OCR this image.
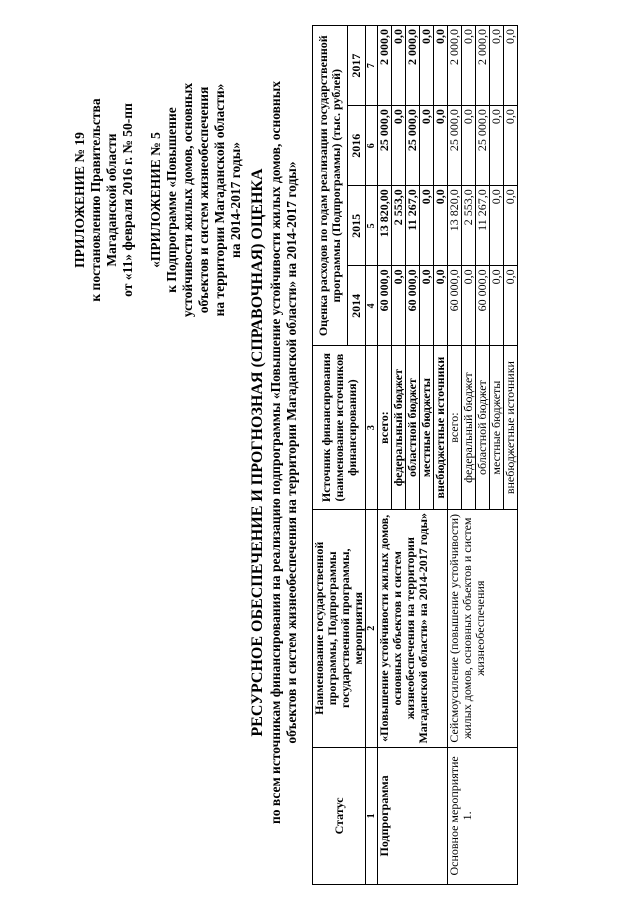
ПРИЛОЖЕНИЕ № 19 к постановлению Правительства Магаданской области от «11» февраля 2016 г. № 50-пп «ПРИЛОЖЕНИЕ № 5 к Подпрограмме «Повышение устойчивости жилых домов, основных объектов и систем жизнеобеспечения на территории Магаданской области» на 2014-2017 годы» РЕСУРСНОЕ ОБЕСПЕЧЕНИЕ И ПРОГНОЗНАЯ (СПРАВОЧНАЯ) ОЦЕНКА по всем источникам финансирования на реализацию подпрограммы «Повышение устойчивости жилых домов, основных объектов и систем жизнеобеспечения на территории Магаданской области» на 2014-2017 годы»
Статус	Наименование государственной программы, Подпрограммы государственной программы, мероприятия	Источник финансирования (наименование источников финансирования)	Оценка расходов по годам реализации государственной программы (Подпрограммы) (тыс. рублей)			
			2014	2015	2016	2017
1	2	3	4	5	6	7
Подпрограмма	«Повышение устойчивости жилых домов, основных объектов и систем жизнеобеспечения на территории Магаданской области» на 2014-2017 годы»	всего:	60 000,0	13 820,00	25 000,0	2 000,0
		федеральный бюджет	0,0	2 553,0	0,0	0,0
		областной бюджет	60 000,0	11 267,0	25 000,0	2 000,0
		местные бюджеты	0,0	0,0	0,0	0,0
		внебюджетные источники	0,0	0,0	0,0	0,0
Основное мероприятие 1.	Сейсмоусиление (повышение устойчивости) жилых домов, основных объектов и систем жизнеобеспечения	всего:	60 000,0	13 820,0	25 000,0	2 000,0
		федеральный бюджет	0,0	2 553,0	0,0	0,0
		областной бюджет	60 000,0	11 267,0	25 000,0	2 000,0
		местные бюджеты	0,0	0,0	0,0	0,0
		внебюджетные источники	0,0	0,0	0,0	0,0
